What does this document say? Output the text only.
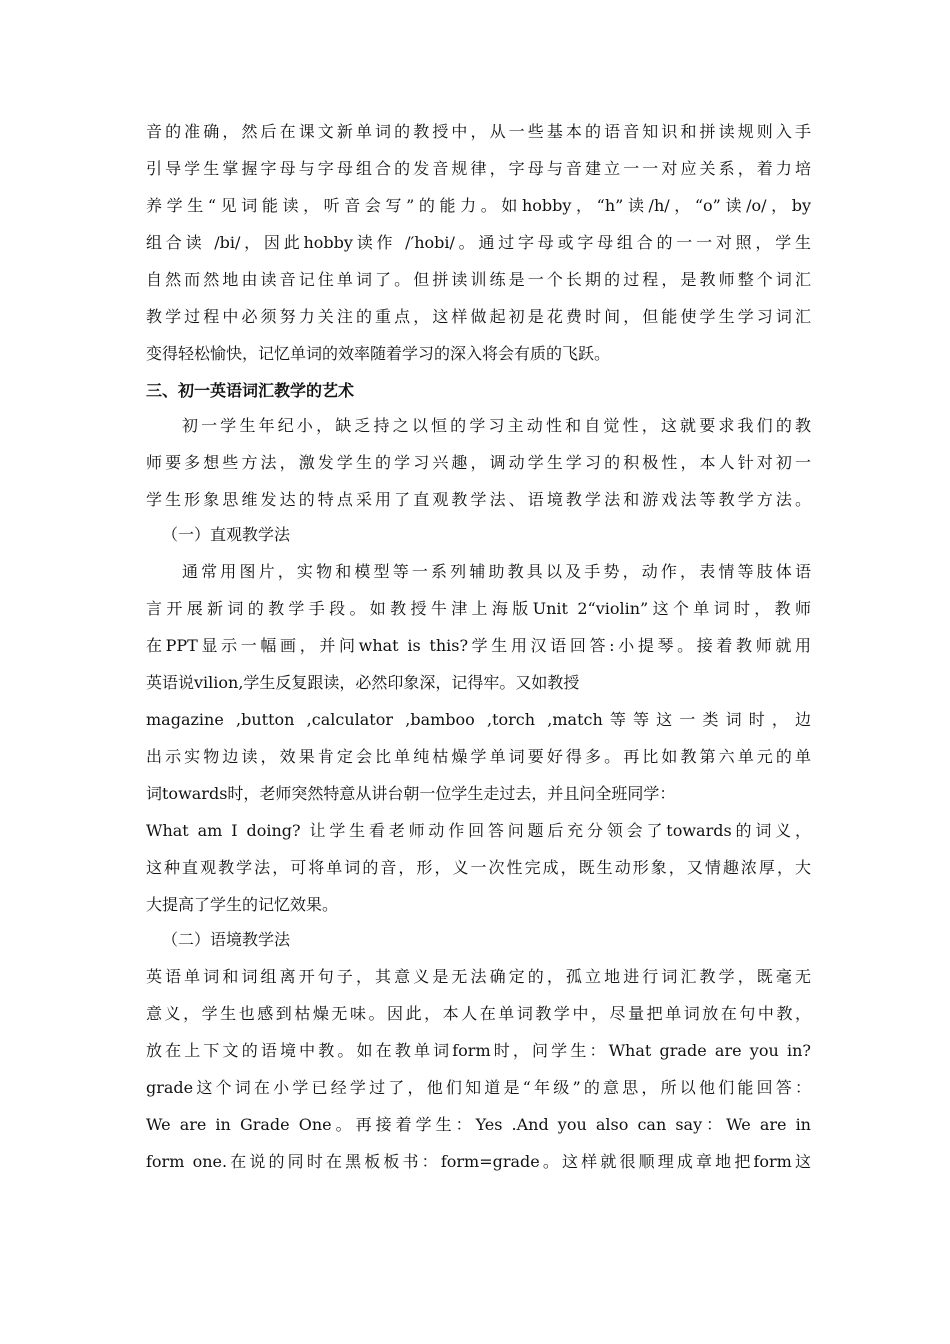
音的准确，然后在课文新单词的教授中，从一些基本的语音知识和拼读规则入手
引导学生掌握字母与字母组合的发音规律，字母与音建立一一对应关系，着力培
养学生“见词能读，听音会写”的能力。如hobby，“h”读/h/，“o”读/o/，by
组合读 /bi/，因此hobby读作 /′hobi/。通过字母或字母组合的一一对照，学生
自然而然地由读音记住单词了。但拼读训练是一个长期的过程，是教师整个词汇
教学过程中必须努力关注的重点，这样做起初是花费时间，但能使学生学习词汇
变得轻松愉快，记忆单词的效率随着学习的深入将会有质的飞跃。
三、初一英语词汇教学的艺术
初一学生年纪小，缺乏持之以恒的学习主动性和自觉性，这就要求我们的教
师要多想些方法，激发学生的学习兴趣，调动学生学习的积极性，本人针对初一
学生形象思维发达的特点采用了直观教学法、语境教学法和游戏法等教学方法。
（一）直观教学法
通常用图片，实物和模型等一系列辅助教具以及手势，动作，表情等肢体语
言开展新词的教学手段。如教授牛津上海版Unit 2“violin”这个单词时，教师
在PPT显示一幅画，并问what is this?学生用汉语回答:小提琴。接着教师就用
英语说vilion,学生反复跟读，必然印象深，记得牢。又如教授
magazine ,button ,calculator ,bamboo ,torch ,match等等这一类词时，边
出示实物边读，效果肯定会比单纯枯燥学单词要好得多。再比如教第六单元的单
词towards时，老师突然特意从讲台朝一位学生走过去，并且问全班同学：
What am I doing? 让学生看老师动作回答问题后充分领会了towards的词义，
这种直观教学法，可将单词的音，形，义一次性完成，既生动形象，又情趣浓厚，大
大提高了学生的记忆效果。
（二）语境教学法
英语单词和词组离开句子，其意义是无法确定的，孤立地进行词汇教学，既毫无
意义，学生也感到枯燥无味。因此，本人在单词教学中，尽量把单词放在句中教，
放在上下文的语境中教。如在教单词form时，问学生：What grade are you in?
grade这个词在小学已经学过了，他们知道是“年级”的意思，所以他们能回答：
We are in Grade One。再接着学生：Yes .And you also can say：We are in
form one.在说的同时在黑板板书：form=grade。这样就很顺理成章地把form这
